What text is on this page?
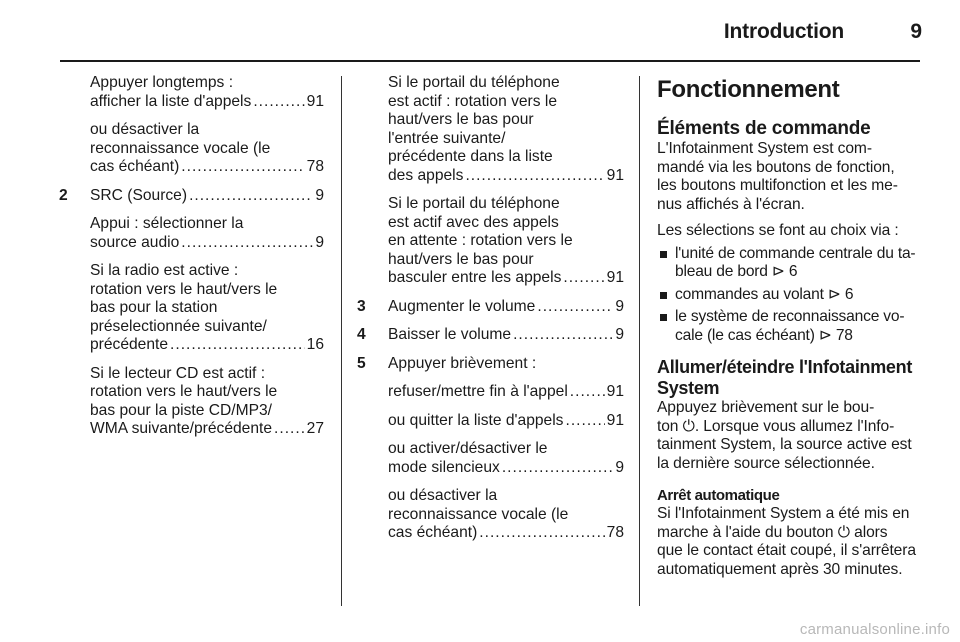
Introduction	9
Appuyer longtemps :
afficher la liste d'appels .....	91
ou désactiver la
reconnaissance vocale (le
cas échéant) .....	78
2 SRC (Source) .....	9
Appui : sélectionner la
source audio .....	9
Si la radio est active :
rotation vers le haut/vers le
bas pour la station
préselectionnée suivante/
précédente .....	16
Si le lecteur CD est actif :
rotation vers le haut/vers le
bas pour la piste CD/MP3/
WMA suivante/précédente ..... 27
Si le portail du téléphone
est actif : rotation vers le
haut/vers le bas pour
l'entrée suivante/
précédente dans la liste
des appels .....	91
Si le portail du téléphone
est actif avec des appels
en attente : rotation vers le
haut/vers le bas pour
basculer entre les appels .....	91
3 Augmenter le volume .....	9
4 Baisser le volume .....	9
5 Appuyer brièvement :
refuser/mettre fin à l'appel ..... 91
ou quitter la liste d'appels .....	91
ou activer/désactiver le
mode silencieux .....	9
ou désactiver la
reconnaissance vocale (le
cas échéant) .....	78
Fonctionnement
Éléments de commande
L'Infotainment System est com-
mandé via les boutons de fonction,
les boutons multifonction et les me-
nus affichés à l'écran.
Les sélections se font au choix via :
l'unité de commande centrale du ta-
bleau de bord ⊳ 6
commandes au volant ⊳ 6
le système de reconnaissance vo-
cale (le cas échéant) ⊳ 78
Allumer/éteindre l'Infotainment
System
Appuyez brièvement sur le bou-
ton ⏻. Lorsque vous allumez l'Info-
tainment System, la source active est
la dernière source sélectionnée.
Arrêt automatique
Si l'Infotainment System a été mis en
marche à l'aide du bouton ⏻ alors
que le contact était coupé, il s'arrêtera
automatiquement après 30 minutes.
carmanualsonline.info
